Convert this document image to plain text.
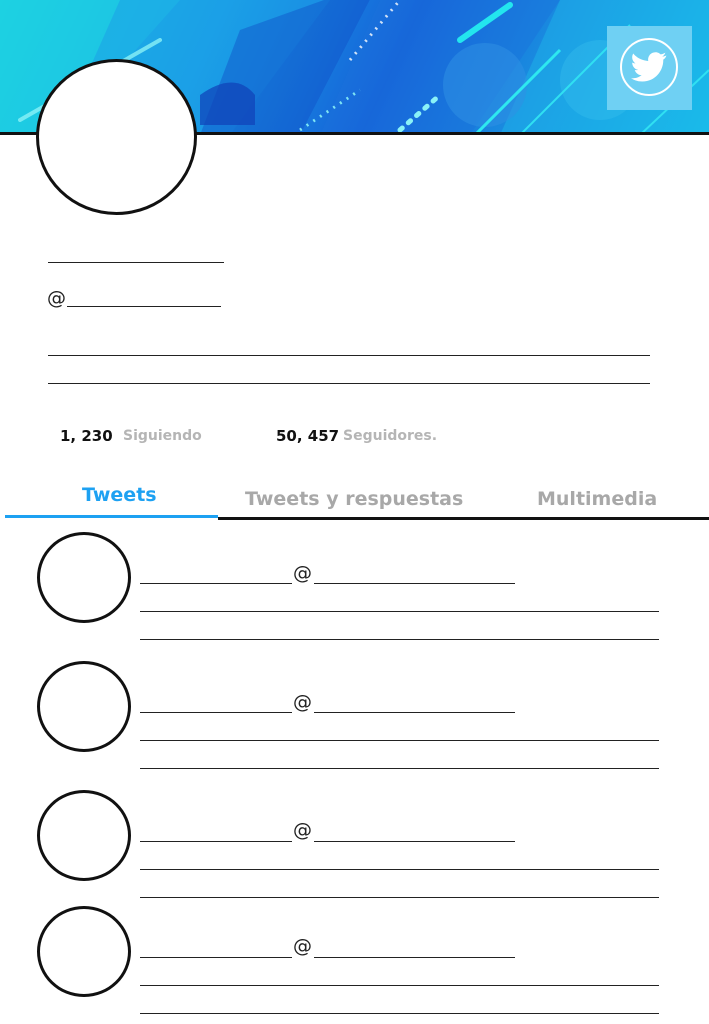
@
1, 230 Siguiendo	50, 457 Seguidores.
Tweets	Tweets y respuestas	Multimedia
@
@
@
@
